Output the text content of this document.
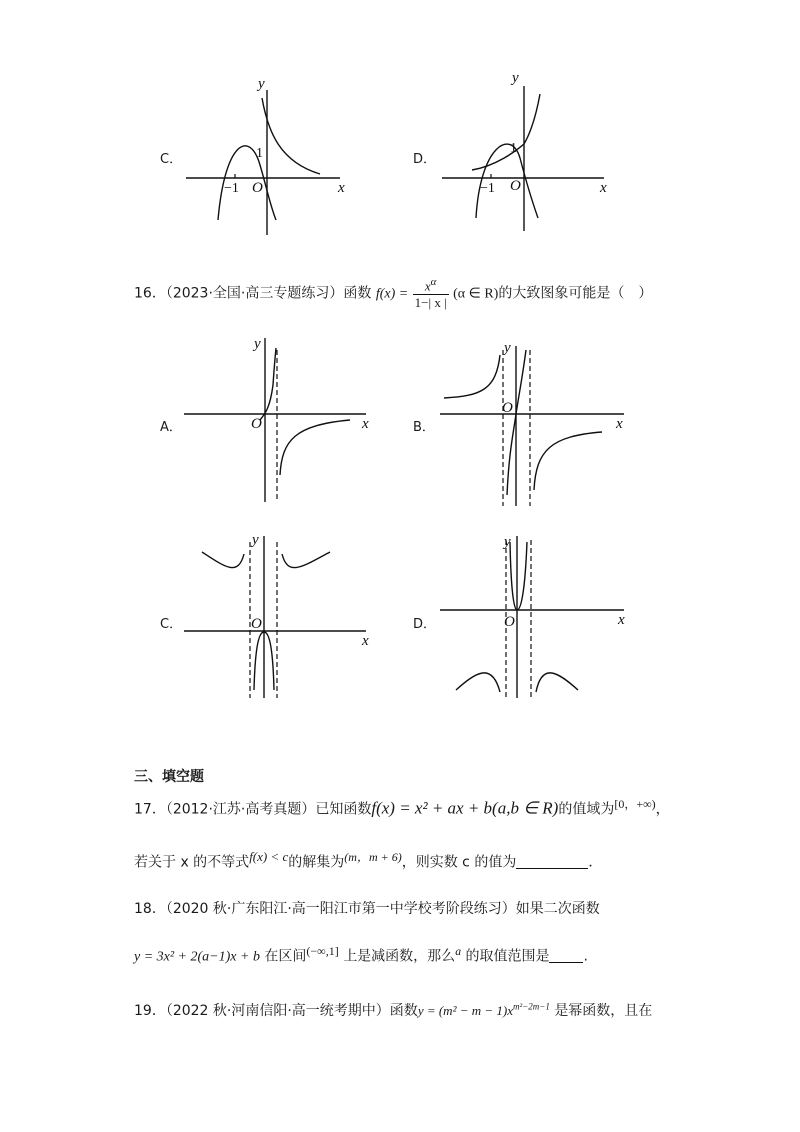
C．
y
x
O
1
−1
D．
y
x
O
1
−1
16．（2023·全国·高三专题练习）函数 $f(x) = \frac{x^\alpha}{1-| x |} (\alpha$ ∈ R)的大致图象可能是（　）
A．
y
x
O	B．
y
x
O
C．
y
x
O	D．
y
x
O
三、填空题
17．（2012·江苏·高考真题）已知函数f(x) = x² + ax + b(a,b ∈ R)的值域为$^{[0,+\infty)}$，
若关于 x 的不等式$^{f(x) < c}$的解集为$^{(m,m + 6)}$，则实数 c 的值为	．
18．（2020 秋·广东阳江·高一阳江市第一中学校考阶段练习）如果二次函数
y = 3x² + 2(a−1)x + b 在区间$^{(-\infty,1]}$ 上是减函数，那么$^a$ 的取值范围是 .
19．（2022 秋·河南信阳·高一统考期中）函数$y = (m^2 - m - 1)x^{m^2-2m-1}$ 是幂函数，且在
